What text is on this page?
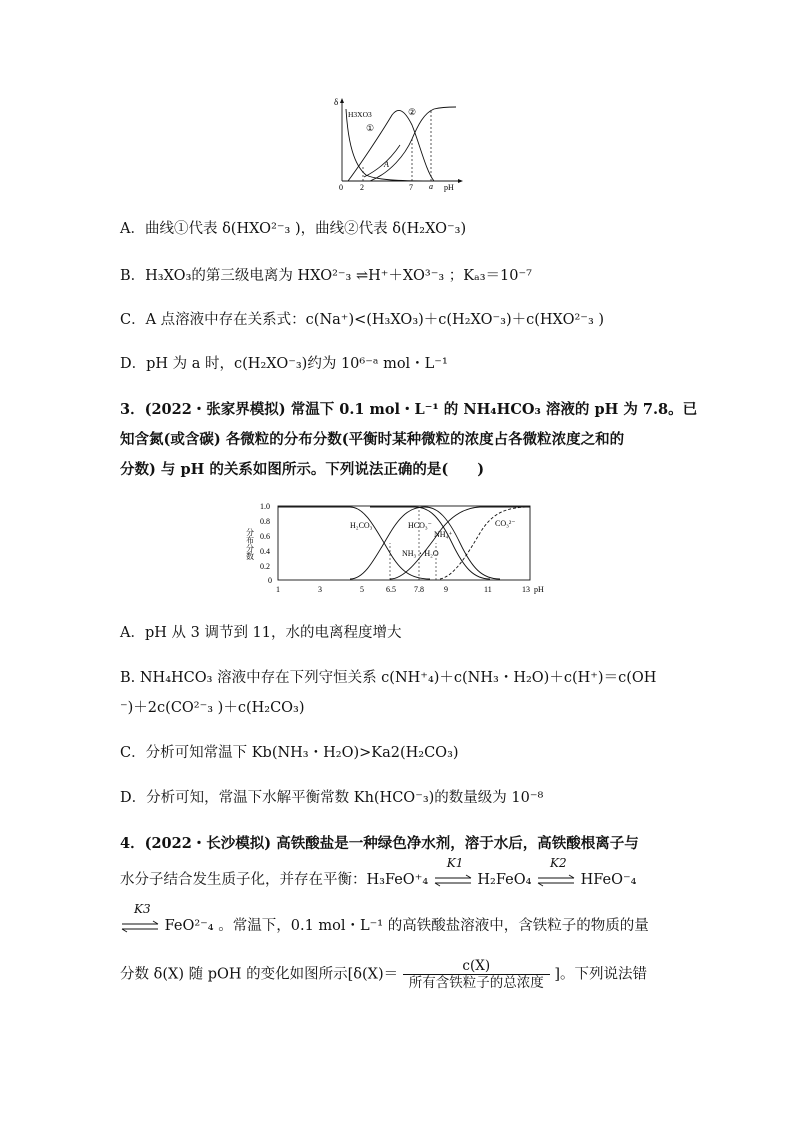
δ
H3XO3
①
②
A
0 2	7 a pH
A．曲线①代表 δ(HXO²⁻₃ )，曲线②代表 δ(H₂XO⁻₃)
B．H₃XO₃的第三级电离为 HXO²⁻₃ ⇌H⁺＋XO³⁻₃ ；Kₐ₃＝10⁻⁷
C．A 点溶液中存在关系式：c(Na⁺)<(H₃XO₃)＋c(H₂XO⁻₃)＋c(HXO²⁻₃ )
D．pH 为 a 时，c(H₂XO⁻₃)约为 10⁶⁻ᵃ mol・L⁻¹
3．(2022・张家界模拟) 常温下 0.1 mol・L⁻¹ 的 NH₄HCO₃ 溶液的 pH 为 7.8。已
知含氮(或含碳) 各微粒的分布分数(平衡时某种微粒的浓度占各微粒浓度之和的
分数) 与 pH 的关系如图所示。下列说法正确的是(　　)
1.0
0.8
0.6
0.4
0.2
0
分布分数
1	3	5	6.5 7.8	9	11	13 pH
H₂CO₃	HCO₃⁻
NH₄⁺
CO₃²⁻
NH₃・H₂O
A．pH 从 3 调节到 11，水的电离程度增大
B. NH₄HCO₃ 溶液中存在下列守恒关系 c(NH⁺₄)＋c(NH₃・H₂O)＋c(H⁺)＝c(OH
⁻)＋2c(CO²⁻₃ )＋c(H₂CO₃)
C．分析可知常温下 Kb(NH₃・H₂O)>Ka2(H₂CO₃)
D．分析可知，常温下水解平衡常数 Kh(HCO⁻₃)的数量级为 10⁻⁸
4．(2022・长沙模拟) 高铁酸盐是一种绿色净水剂，溶于水后，高铁酸根离子与
水分子结合发生质子化，并存在平衡：H₃FeO⁺₄
K1
H₂FeO₄
K2
HFeO⁻₄
K3
FeO²⁻₄ 。常温下，0.1 mol・L⁻¹ 的高铁酸盐溶液中，含铁粒子的物质的量
分数 δ(X) 随 pOH 的变化如图所示[$\delta(X)= \frac{c(X)}{\text{所有含铁粒子的总浓度}}$ ]。下列说法错
